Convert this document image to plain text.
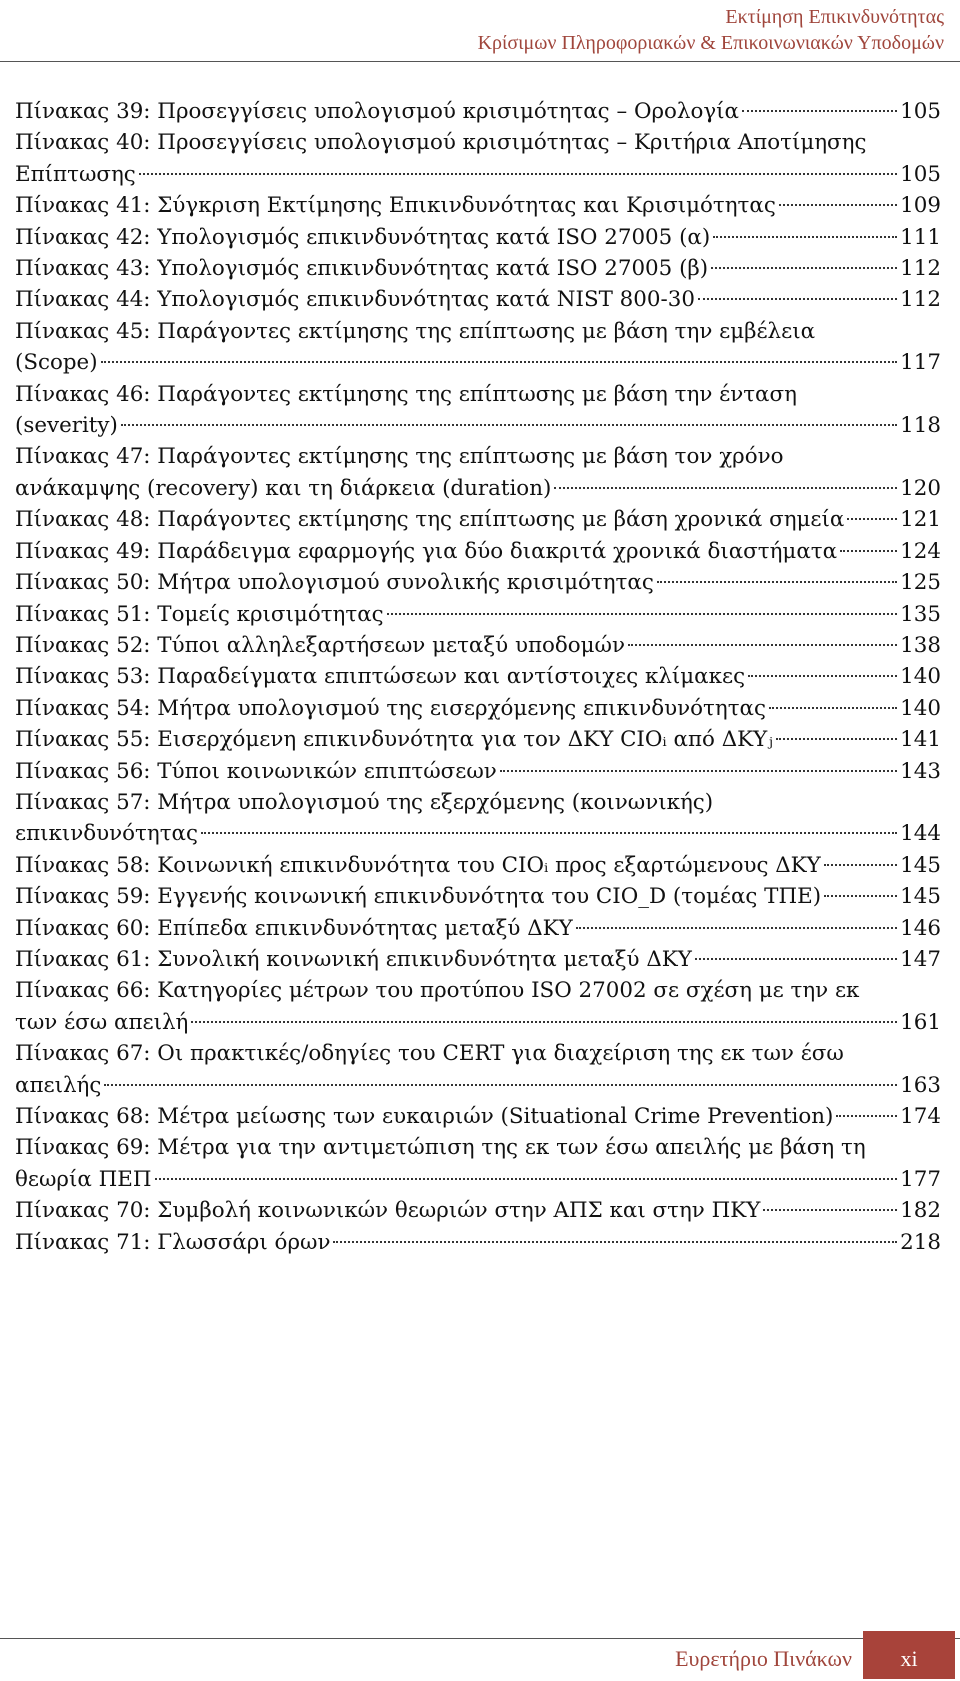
Εκτίμηση Επικινδυνότητας
Κρίσιμων Πληροφοριακών & Επικοινωνιακών Υποδομών
Πίνακας 39: Προσεγγίσεις υπολογισμού κρισιμότητας – Ορολογία	105
Πίνακας 40: Προσεγγίσεις υπολογισμού κρισιμότητας – Κριτήρια Αποτίμησης
Επίπτωσης	105
Πίνακας 41: Σύγκριση Εκτίμησης Επικινδυνότητας και Κρισιμότητας	109
Πίνακας 42: Υπολογισμός επικινδυνότητας κατά ISO 27005 (α)	111
Πίνακας 43: Υπολογισμός επικινδυνότητας κατά ISO 27005 (β)	112
Πίνακας 44: Υπολογισμός επικινδυνότητας κατά NIST 800-30	112
Πίνακας 45: Παράγοντες εκτίμησης της επίπτωσης με βάση την εμβέλεια
(Scope)	117
Πίνακας 46: Παράγοντες εκτίμησης της επίπτωσης με βάση την ένταση
(severity)	118
Πίνακας 47: Παράγοντες εκτίμησης της επίπτωσης με βάση τον χρόνο
ανάκαμψης (recovery) και τη διάρκεια (duration)	120
Πίνακας 48: Παράγοντες εκτίμησης της επίπτωσης με βάση χρονικά σημεία	121
Πίνακας 49: Παράδειγμα εφαρμογής για δύο διακριτά χρονικά διαστήματα	124
Πίνακας 50: Μήτρα υπολογισμού συνολικής κρισιμότητας	125
Πίνακας 51: Τομείς κρισιμότητας	135
Πίνακας 52: Τύποι αλληλεξαρτήσεων μεταξύ υποδομών	138
Πίνακας 53: Παραδείγματα επιπτώσεων και αντίστοιχες κλίμακες	140
Πίνακας 54: Μήτρα υπολογισμού της εισερχόμενης επικινδυνότητας	140
Πίνακας 55: Εισερχόμενη επικινδυνότητα για τον ΔΚΥ CIOᵢ από ΔΚΥⱼ	141
Πίνακας 56: Τύποι κοινωνικών επιπτώσεων	143
Πίνακας 57: Μήτρα υπολογισμού της εξερχόμενης (κοινωνικής)
επικινδυνότητας	144
Πίνακας 58: Κοινωνική επικινδυνότητα του CIOᵢ προς εξαρτώμενους ΔΚΥ	145
Πίνακας 59: Εγγενής κοινωνική επικινδυνότητα του CIO_D (τομέας ΤΠΕ)	145
Πίνακας 60: Επίπεδα επικινδυνότητας μεταξύ ΔΚΥ	146
Πίνακας 61: Συνολική κοινωνική επικινδυνότητα μεταξύ ΔΚΥ	147
Πίνακας 66: Κατηγορίες μέτρων του προτύπου ISO 27002 σε σχέση με την εκ
των έσω απειλή	161
Πίνακας 67: Οι πρακτικές/οδηγίες του CERT για διαχείριση της εκ των έσω
απειλής	163
Πίνακας 68: Μέτρα μείωσης των ευκαιριών (Situational Crime Prevention)	174
Πίνακας 69: Μέτρα για την αντιμετώπιση της εκ των έσω απειλής με βάση τη
θεωρία ΠΕΠ	177
Πίνακας 70: Συμβολή κοινωνικών θεωριών στην ΑΠΣ και στην ΠΚΥ	182
Πίνακας 71: Γλωσσάρι όρων	218
Ευρετήριο Πινάκων xi
